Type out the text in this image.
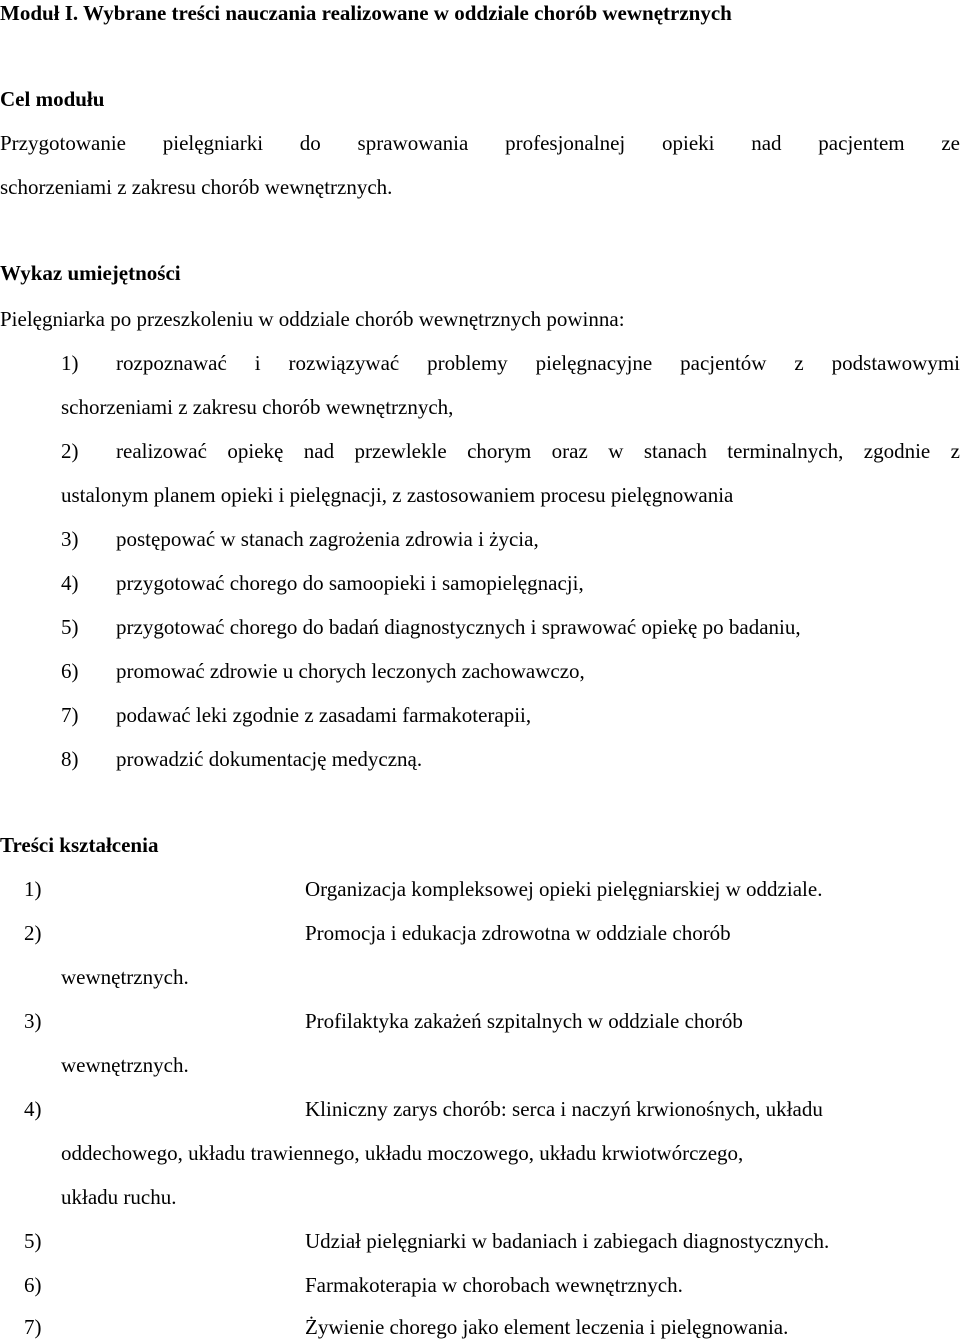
Moduł I. Wybrane treści nauczania realizowane w oddziale chorób wewnętrznych
Cel modułu
Przygotowanie pielęgniarki do sprawowania profesjonalnej opieki nad pacjentem ze
schorzeniami z zakresu chorób wewnętrznych.
Wykaz umiejętności
Pielęgniarka po przeszkoleniu w oddziale chorób wewnętrznych powinna:
1) rozpoznawać i rozwiązywać problemy pielęgnacyjne pacjentów z podstawowymi
schorzeniami z zakresu chorób wewnętrznych,
2) realizować opiekę nad przewlekle chorym oraz w stanach terminalnych, zgodnie z
ustalonym planem opieki i pielęgnacji, z zastosowaniem procesu pielęgnowania
3) postępować w stanach zagrożenia zdrowia i życia,
4) przygotować chorego do samoopieki i samopielęgnacji,
5) przygotować chorego do badań diagnostycznych i sprawować opiekę po badaniu,
6) promować zdrowie u chorych leczonych zachowawczo,
7) podawać leki zgodnie z zasadami farmakoterapii,
8) prowadzić dokumentację medyczną.
Treści kształcenia
1)	Organizacja kompleksowej opieki pielęgniarskiej w oddziale.
2)	Promocja i edukacja zdrowotna w oddziale chorób
wewnętrznych.
3)	Profilaktyka zakażeń szpitalnych w oddziale chorób
wewnętrznych.
4)	Kliniczny zarys chorób: serca i naczyń krwionośnych, układu
oddechowego, układu trawiennego, układu moczowego, układu krwiotwórczego,
układu ruchu.
5)	Udział pielęgniarki w badaniach i zabiegach diagnostycznych.
6)	Farmakoterapia w chorobach wewnętrznych.
7)	Żywienie chorego jako element leczenia i pielęgnowania.
